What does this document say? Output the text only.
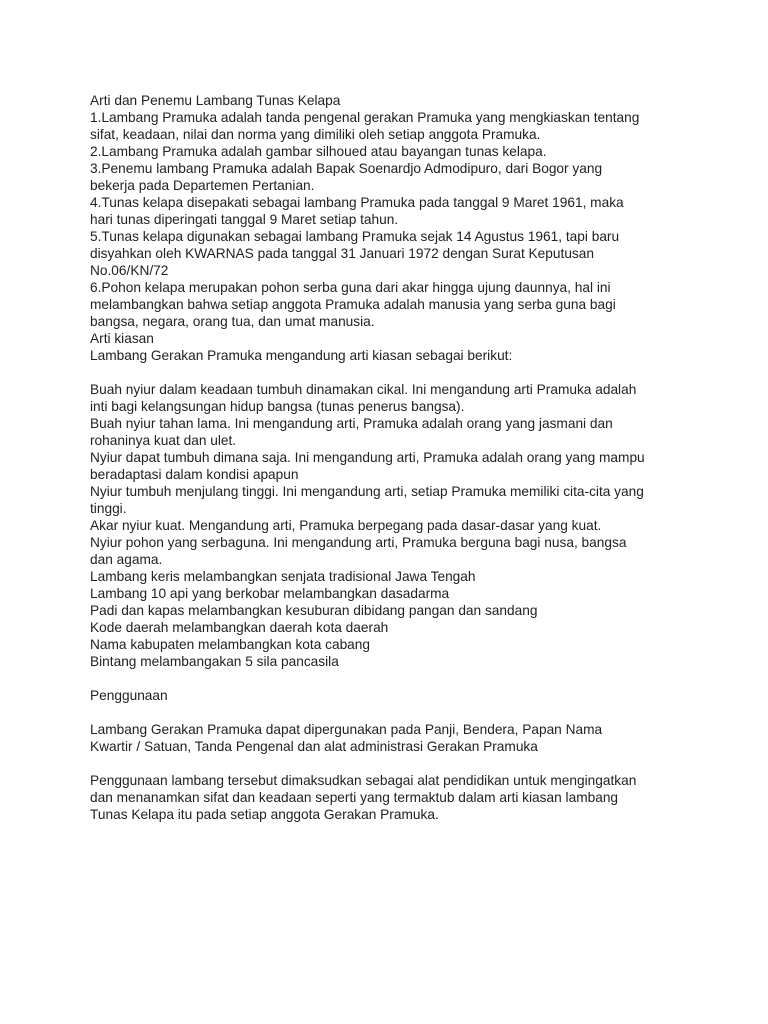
Arti dan Penemu Lambang Tunas Kelapa
1.Lambang Pramuka adalah tanda pengenal gerakan Pramuka yang mengkiaskan tentang
sifat, keadaan, nilai dan norma yang dimiliki oleh setiap anggota Pramuka.
2.Lambang Pramuka adalah gambar silhoued atau bayangan tunas kelapa.
3.Penemu lambang Pramuka adalah Bapak Soenardjo Admodipuro, dari Bogor yang
bekerja pada Departemen Pertanian.
4.Tunas kelapa disepakati sebagai lambang Pramuka pada tanggal 9 Maret 1961, maka
hari tunas diperingati tanggal 9 Maret setiap tahun.
5.Tunas kelapa digunakan sebagai lambang Pramuka sejak 14 Agustus 1961, tapi baru
disyahkan oleh KWARNAS pada tanggal 31 Januari 1972 dengan Surat Keputusan
No.06/KN/72
6.Pohon kelapa merupakan pohon serba guna dari akar hingga ujung daunnya, hal ini
melambangkan bahwa setiap anggota Pramuka adalah manusia yang serba guna bagi
bangsa, negara, orang tua, dan umat manusia.
Arti kiasan
Lambang Gerakan Pramuka mengandung arti kiasan sebagai berikut:
Buah nyiur dalam keadaan tumbuh dinamakan cikal. Ini mengandung arti Pramuka adalah
inti bagi kelangsungan hidup bangsa (tunas penerus bangsa).
Buah nyiur tahan lama. Ini mengandung arti, Pramuka adalah orang yang jasmani dan
rohaninya kuat dan ulet.
Nyiur dapat tumbuh dimana saja. Ini mengandung arti, Pramuka adalah orang yang mampu
beradaptasi dalam kondisi apapun
Nyiur tumbuh menjulang tinggi. Ini mengandung arti, setiap Pramuka memiliki cita-cita yang
tinggi.
Akar nyiur kuat. Mengandung arti, Pramuka berpegang pada dasar-dasar yang kuat.
Nyiur pohon yang serbaguna. Ini mengandung arti, Pramuka berguna bagi nusa, bangsa
dan agama.
Lambang keris melambangkan senjata tradisional Jawa Tengah
Lambang 10 api yang berkobar melambangkan dasadarma
Padi dan kapas melambangkan kesuburan dibidang pangan dan sandang
Kode daerah melambangkan daerah kota daerah
Nama kabupaten melambangkan kota cabang
Bintang melambangakan 5 sila pancasila
Penggunaan
Lambang Gerakan Pramuka dapat dipergunakan pada Panji, Bendera, Papan Nama
Kwartir / Satuan, Tanda Pengenal dan alat administrasi Gerakan Pramuka
Penggunaan lambang tersebut dimaksudkan sebagai alat pendidikan untuk mengingatkan
dan menanamkan sifat dan keadaan seperti yang termaktub dalam arti kiasan lambang
Tunas Kelapa itu pada setiap anggota Gerakan Pramuka.
